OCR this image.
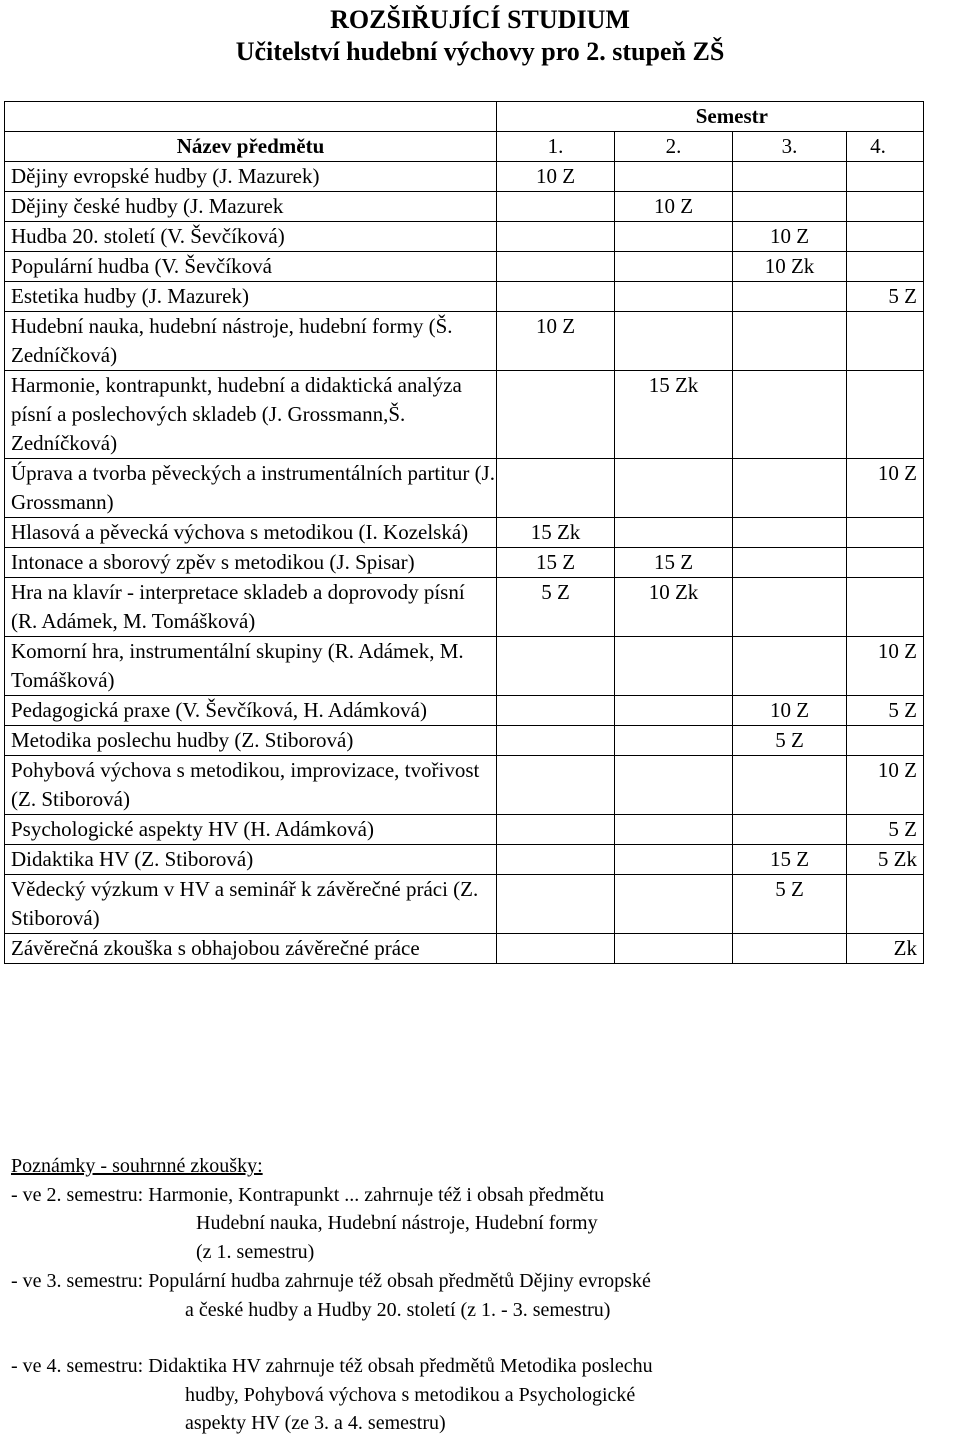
ROZŠIŘUJÍCÍ STUDIUM
Učitelství hudební výchovy pro 2. stupeň ZŠ
	Semestr			
Název předmětu	1.	2.	3.	4.
Dějiny evropské hudby (J. Mazurek)	10 Z			
Dějiny české hudby (J. Mazurek		10 Z		
Hudba 20. století (V. Ševčíková)			10 Z	
Populární hudba (V. Ševčíková			10 Zk	
Estetika hudby (J. Mazurek)				5 Z
Hudební nauka, hudební nástroje, hudební formy (Š. Zedníčková)	10 Z			
Harmonie, kontrapunkt, hudební a didaktická analýza písní a poslechových skladeb (J. Grossmann,Š. Zedníčková)		15 Zk		
Úprava a tvorba pěveckých a instrumentálních partitur (J. Grossmann)				10 Z
Hlasová a pěvecká výchova s metodikou (I. Kozelská)	15 Zk			
Intonace a sborový zpěv s metodikou (J. Spisar)	15 Z	15 Z		
Hra na klavír - interpretace skladeb a doprovody písní (R. Adámek, M. Tomášková)	5 Z	10 Zk		
Komorní hra, instrumentální skupiny (R. Adámek, M. Tomášková)				10 Z
Pedagogická praxe (V. Ševčíková, H. Adámková)			10 Z	5 Z
Metodika poslechu hudby (Z. Stiborová)			5 Z	
Pohybová výchova s metodikou, improvizace, tvořivost (Z. Stiborová)				10 Z
Psychologické aspekty HV (H. Adámková)				5 Z
Didaktika HV (Z. Stiborová)			15 Z	5 Zk
Vědecký výzkum v HV a seminář k závěrečné práci (Z. Stiborová)			5 Z	
Závěrečná zkouška s obhajobou závěrečné práce				Zk
Poznámky - souhrnné zkoušky:
- ve 2. semestru: Harmonie, Kontrapunkt ... zahrnuje též i obsah předmětu
Hudební nauka, Hudební nástroje, Hudební formy
(z 1. semestru)
- ve 3. semestru: Populární hudba zahrnuje též obsah předmětů Dějiny evropské
a české hudby a Hudby 20. století (z 1. - 3. semestru)
- ve 4. semestru: Didaktika HV zahrnuje též obsah předmětů Metodika poslechu
hudby, Pohybová výchova s metodikou a Psychologické
aspekty HV (ze 3. a 4. semestru)
